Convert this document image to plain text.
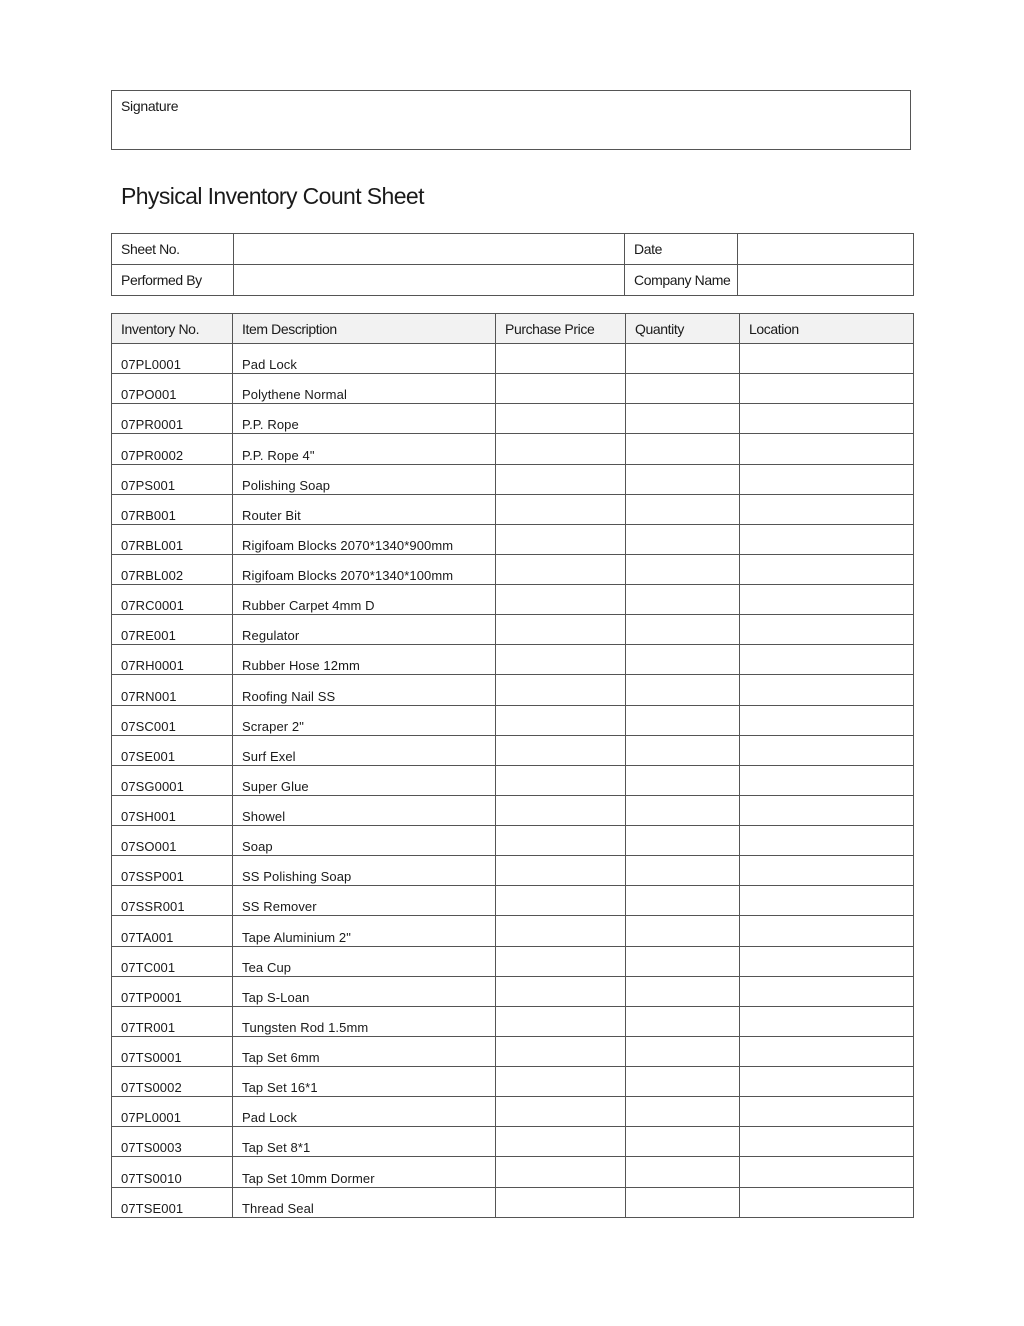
Signature
Physical Inventory Count Sheet
Sheet No.		Date	
Performed By		Company Name	
Inventory No.	Item Description	Purchase Price	Quantity	Location
07PL0001	Pad Lock			
07PO001	Polythene Normal			
07PR0001	P.P. Rope			
07PR0002	P.P. Rope 4"			
07PS001	Polishing Soap			
07RB001	Router Bit			
07RBL001	Rigifoam Blocks 2070*1340*900mm			
07RBL002	Rigifoam Blocks 2070*1340*100mm			
07RC0001	Rubber Carpet 4mm D			
07RE001	Regulator			
07RH0001	Rubber Hose 12mm			
07RN001	Roofing Nail SS			
07SC001	Scraper 2"			
07SE001	Surf Exel			
07SG0001	Super Glue			
07SH001	Showel			
07SO001	Soap			
07SSP001	SS Polishing Soap			
07SSR001	SS Remover			
07TA001	Tape Aluminium 2"			
07TC001	Tea Cup			
07TP0001	Tap S-Loan			
07TR001	Tungsten Rod 1.5mm			
07TS0001	Tap Set 6mm			
07TS0002	Tap Set 16*1			
07PL0001	Pad Lock			
07TS0003	Tap Set 8*1			
07TS0010	Tap Set 10mm Dormer			
07TSE001	Thread Seal			
